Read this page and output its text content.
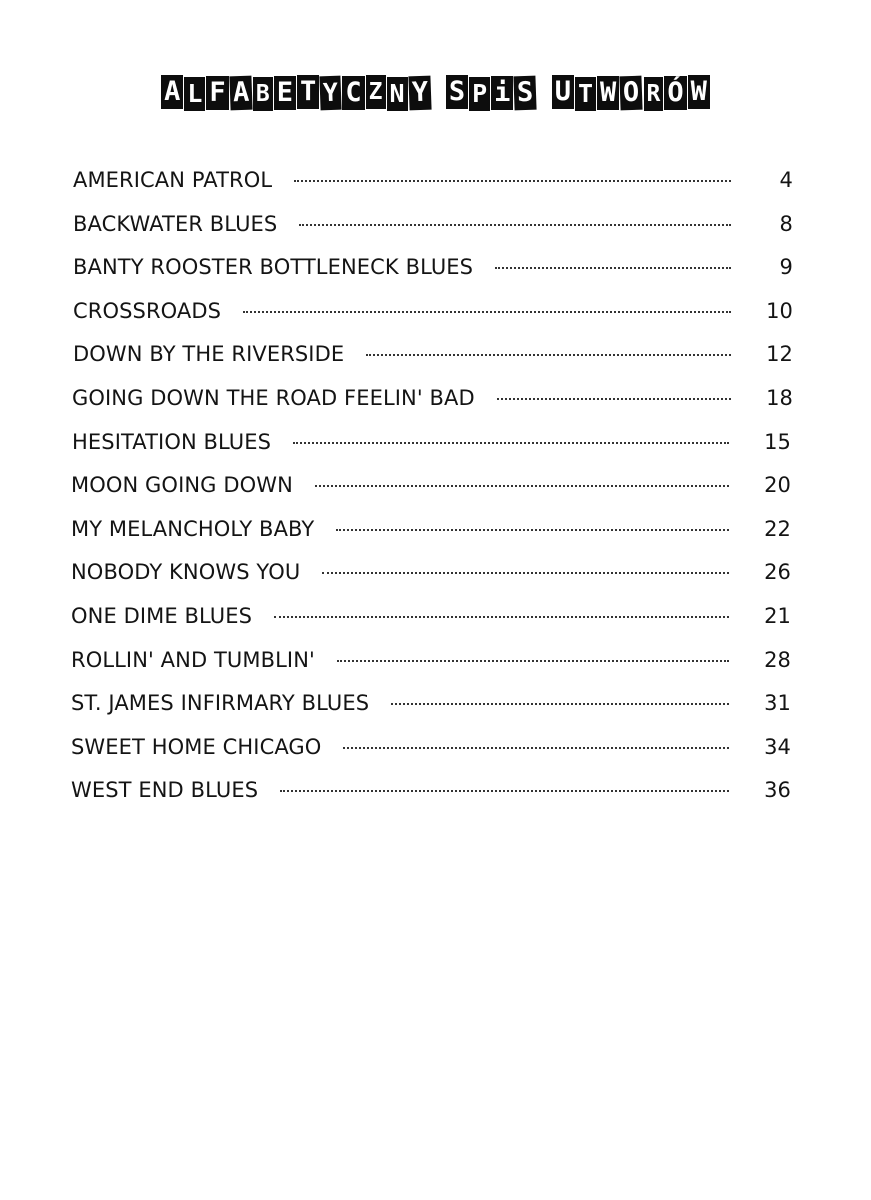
A L F A B E T Y C Z N Y S P i S U T W O R Ó W
AMERICAN PATROL	4
BACKWATER BLUES	8
BANTY ROOSTER BOTTLENECK BLUES	9
CROSSROADS	10
DOWN BY THE RIVERSIDE	12
GOING DOWN THE ROAD FEELIN' BAD	18
HESITATION BLUES	15
MOON GOING DOWN	20
MY MELANCHOLY BABY	22
NOBODY KNOWS YOU	26
ONE DIME BLUES	21
ROLLIN' AND TUMBLIN'	28
ST. JAMES INFIRMARY BLUES	31
SWEET HOME CHICAGO	34
WEST END BLUES	36
